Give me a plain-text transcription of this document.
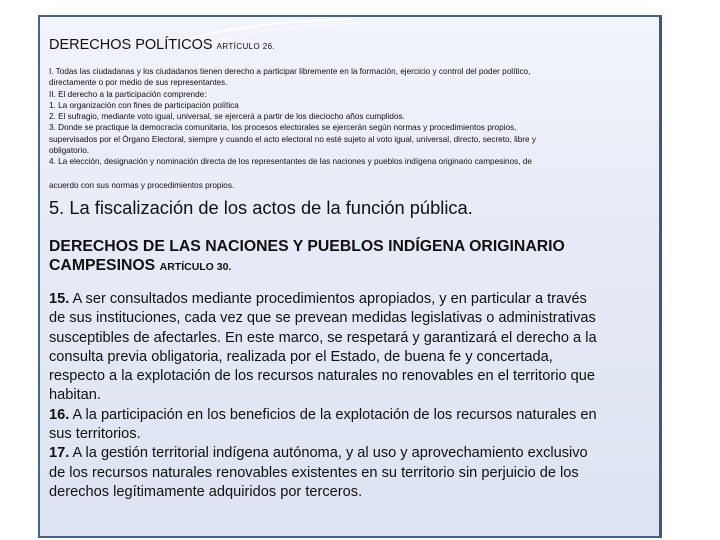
DERECHOS POLÍTICOS ARTÍCULO 26.
I. Todas las ciudadanas y los ciudadanos tienen derecho a participar libremente en la formación, ejercicio y control del poder político,
directamente o por medio de sus representantes.
II. El derecho a la participación comprende:
1. La organización con fines de participación política
2. El sufragio, mediante voto igual, universal, se ejercerá a partir de los dieciocho años cumplidos.
3. Donde se practique la democracia comunitaria, los procesos electorales se ejercerán según normas y procedimientos propios,
supervisados por el Órgano Electoral, siempre y cuando el acto electoral no esté sujeto al voto igual, universal, directo, secreto, libre y
obligatorio.
4. La elección, designación y nominación directa de los representantes de las naciones y pueblos indígena originario campesinos, de
acuerdo con sus normas y procedimientos propios.
5. La fiscalización de los actos de la función pública.
DERECHOS DE LAS NACIONES Y PUEBLOS INDÍGENA ORIGINARIO
CAMPESINOS ARTÍCULO 30.
15. A ser consultados mediante procedimientos apropiados, y en particular a través
de sus instituciones, cada vez que se prevean medidas legislativas o administrativas
susceptibles de afectarles. En este marco, se respetará y garantizará el derecho a la
consulta previa obligatoria, realizada por el Estado, de buena fe y concertada,
respecto a la explotación de los recursos naturales no renovables en el territorio que
habitan.
16. A la participación en los beneficios de la explotación de los recursos naturales en
sus territorios.
17. A la gestión territorial indígena autónoma, y al uso y aprovechamiento exclusivo
de los recursos naturales renovables existentes en su territorio sin perjuicio de los
derechos legítimamente adquiridos por terceros.
